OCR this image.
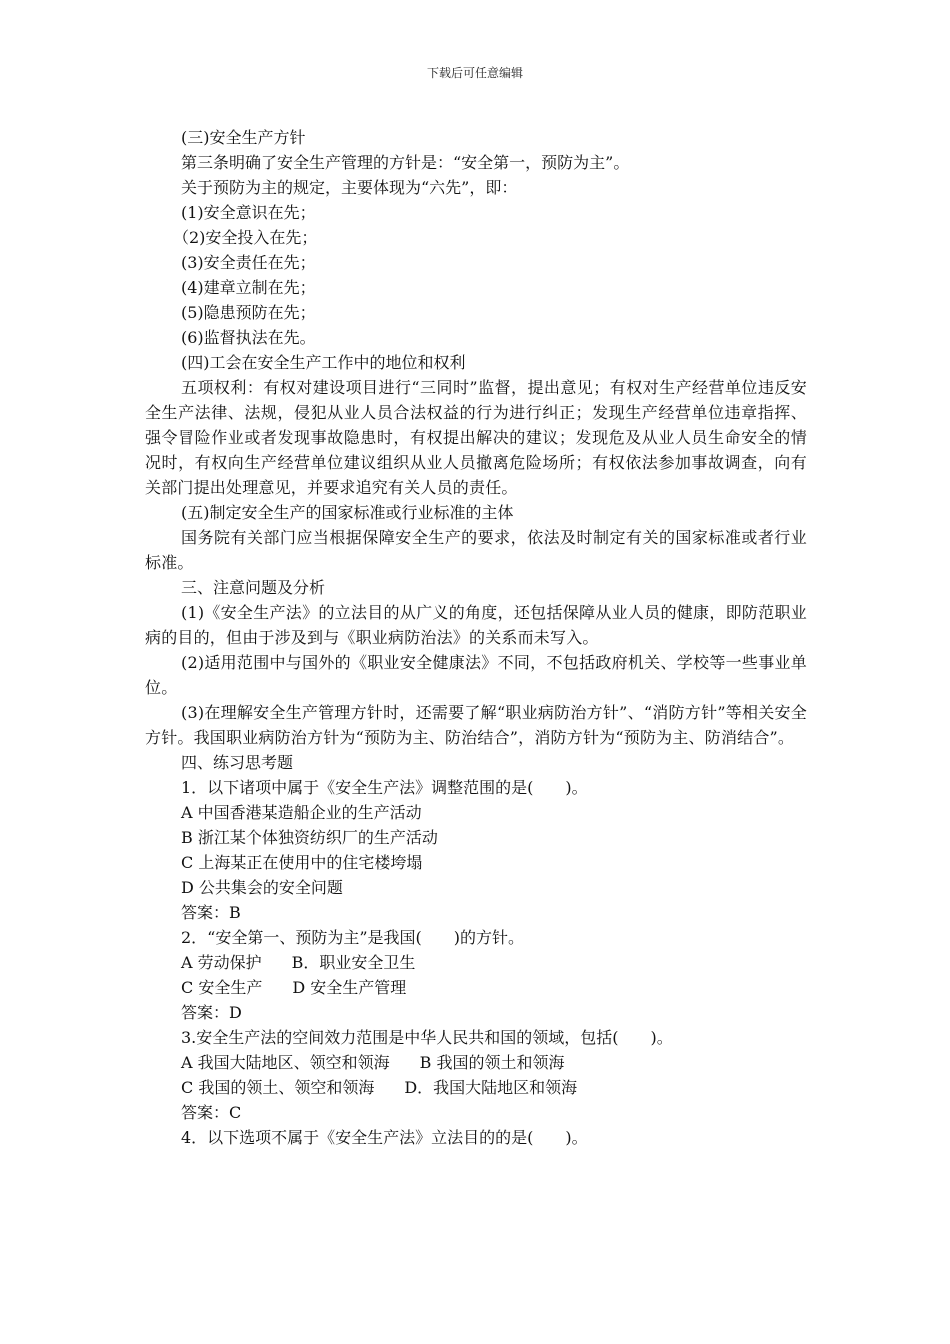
下载后可任意编辑

(三)安全生产方针

第三条明确了安全生产管理的方针是：“安全第一，预防为主”。

关于预防为主的规定，主要体现为“六先”，即：

(1)安全意识在先；

（2)安全投入在先；

(3)安全责任在先；

(4)建章立制在先；

(5)隐患预防在先；

(6)监督执法在先。

(四)工会在安全生产工作中的地位和权利

五项权利：有权对建设项目进行“三同时”监督，提出意见；有权对生产经营单位违反安全生产法律、法规，侵犯从业人员合法权益的行为进行纠正；发现生产经营单位违章指挥、强令冒险作业或者发现事故隐患时，有权提出解决的建议；发现危及从业人员生命安全的情况时，有权向生产经营单位建议组织从业人员撤离危险场所；有权依法参加事故调查，向有关部门提出处理意见，并要求追究有关人员的责任。

(五)制定安全生产的国家标准或行业标准的主体

国务院有关部门应当根据保障安全生产的要求，依法及时制定有关的国家标准或者行业标准。

三、注意问题及分析

(1)《安全生产法》的立法目的从广义的角度，还包括保障从业人员的健康，即防范职业病的目的，但由于涉及到与《职业病防治法》的关系而未写入。

(2)适用范围中与国外的《职业安全健康法》不同，不包括政府机关、学校等一些事业单位。

(3)在理解安全生产管理方针时，还需要了解“职业病防治方针”、“消防方针”等相关安全方针。我国职业病防治方针为“预防为主、防治结合”，消防方针为“预防为主、防消结合”。

四、练习思考题

1．以下诸项中属于《安全生产法》调整范围的是(　　)。

A 中国香港某造船企业的生产活动

B 浙江某个体独资纺织厂的生产活动

C 上海某正在使用中的住宅楼垮塌

D 公共集会的安全问题

答案：B

2．“安全第一、预防为主”是我国(　　)的方针。

A 劳动保护 B．职业安全卫生

C 安全生产 D 安全生产管理

答案：D

3.安全生产法的空间效力范围是中华人民共和国的领域，包括(　　)。

A 我国大陆地区、领空和领海 B 我国的领土和领海

C 我国的领土、领空和领海 D．我国大陆地区和领海

答案：C

4．以下选项不属于《安全生产法》立法目的的是(　　)。
